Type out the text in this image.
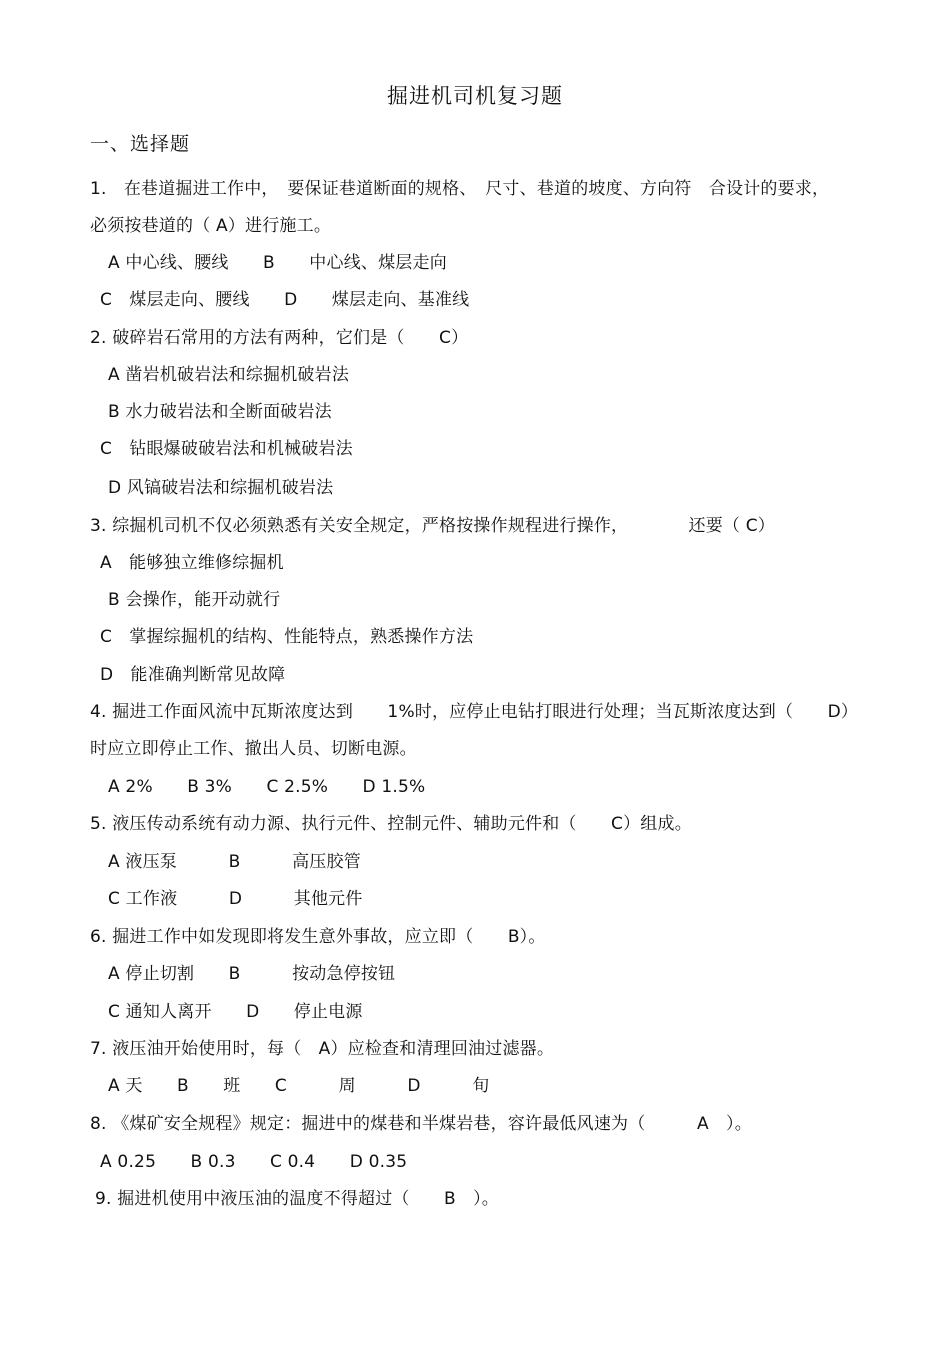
掘进机司机复习题
一、选择题
1.　在巷道掘进工作中，　要保证巷道断面的规格、　尺寸、巷道的坡度、方向符　合设计的要求，
必须按巷道的（ A）进行施工。
A 中心线、腰线　　B　　中心线、煤层走向
C　煤层走向、腰线　　D　　煤层走向、基准线
2. 破碎岩石常用的方法有两种，它们是（　　C）
A 凿岩机破岩法和综掘机破岩法
B 水力破岩法和全断面破岩法
C　钻眼爆破破岩法和机械破岩法
D 风镐破岩法和综掘机破岩法
3. 综掘机司机不仅必须熟悉有关安全规定，严格按操作规程进行操作，　　　　还要（ C）
A　能够独立维修综掘机
B 会操作，能开动就行
C　掌握综掘机的结构、性能特点，熟悉操作方法
D　能准确判断常见故障
4. 掘进工作面风流中瓦斯浓度达到　　1%时，应停止电钻打眼进行处理；当瓦斯浓度达到（　　D）
时应立即停止工作、撤出人员、切断电源。
A 2%　　B 3%　　C 2.5%　　D 1.5%
5. 液压传动系统有动力源、执行元件、控制元件、辅助元件和（　　C）组成。
A 液压泵　　　B　　　高压胶管
C 工作液　　　D　　　其他元件
6. 掘进工作中如发现即将发生意外事故，应立即（　　B）。
A 停止切割　　B　　　按动急停按钮
C 通知人离开　　D　　停止电源
7. 液压油开始使用时，每（　A）应检查和清理回油过滤器。
A 天　　B　　班　　C　　　周　　　D　　　旬
8. 《煤矿安全规程》规定：掘进中的煤巷和半煤岩巷，容许最低风速为（　　　A　）。
A 0.25　　B 0.3　　C 0.4　　D 0.35
9. 掘进机使用中液压油的温度不得超过（　　B　）。
